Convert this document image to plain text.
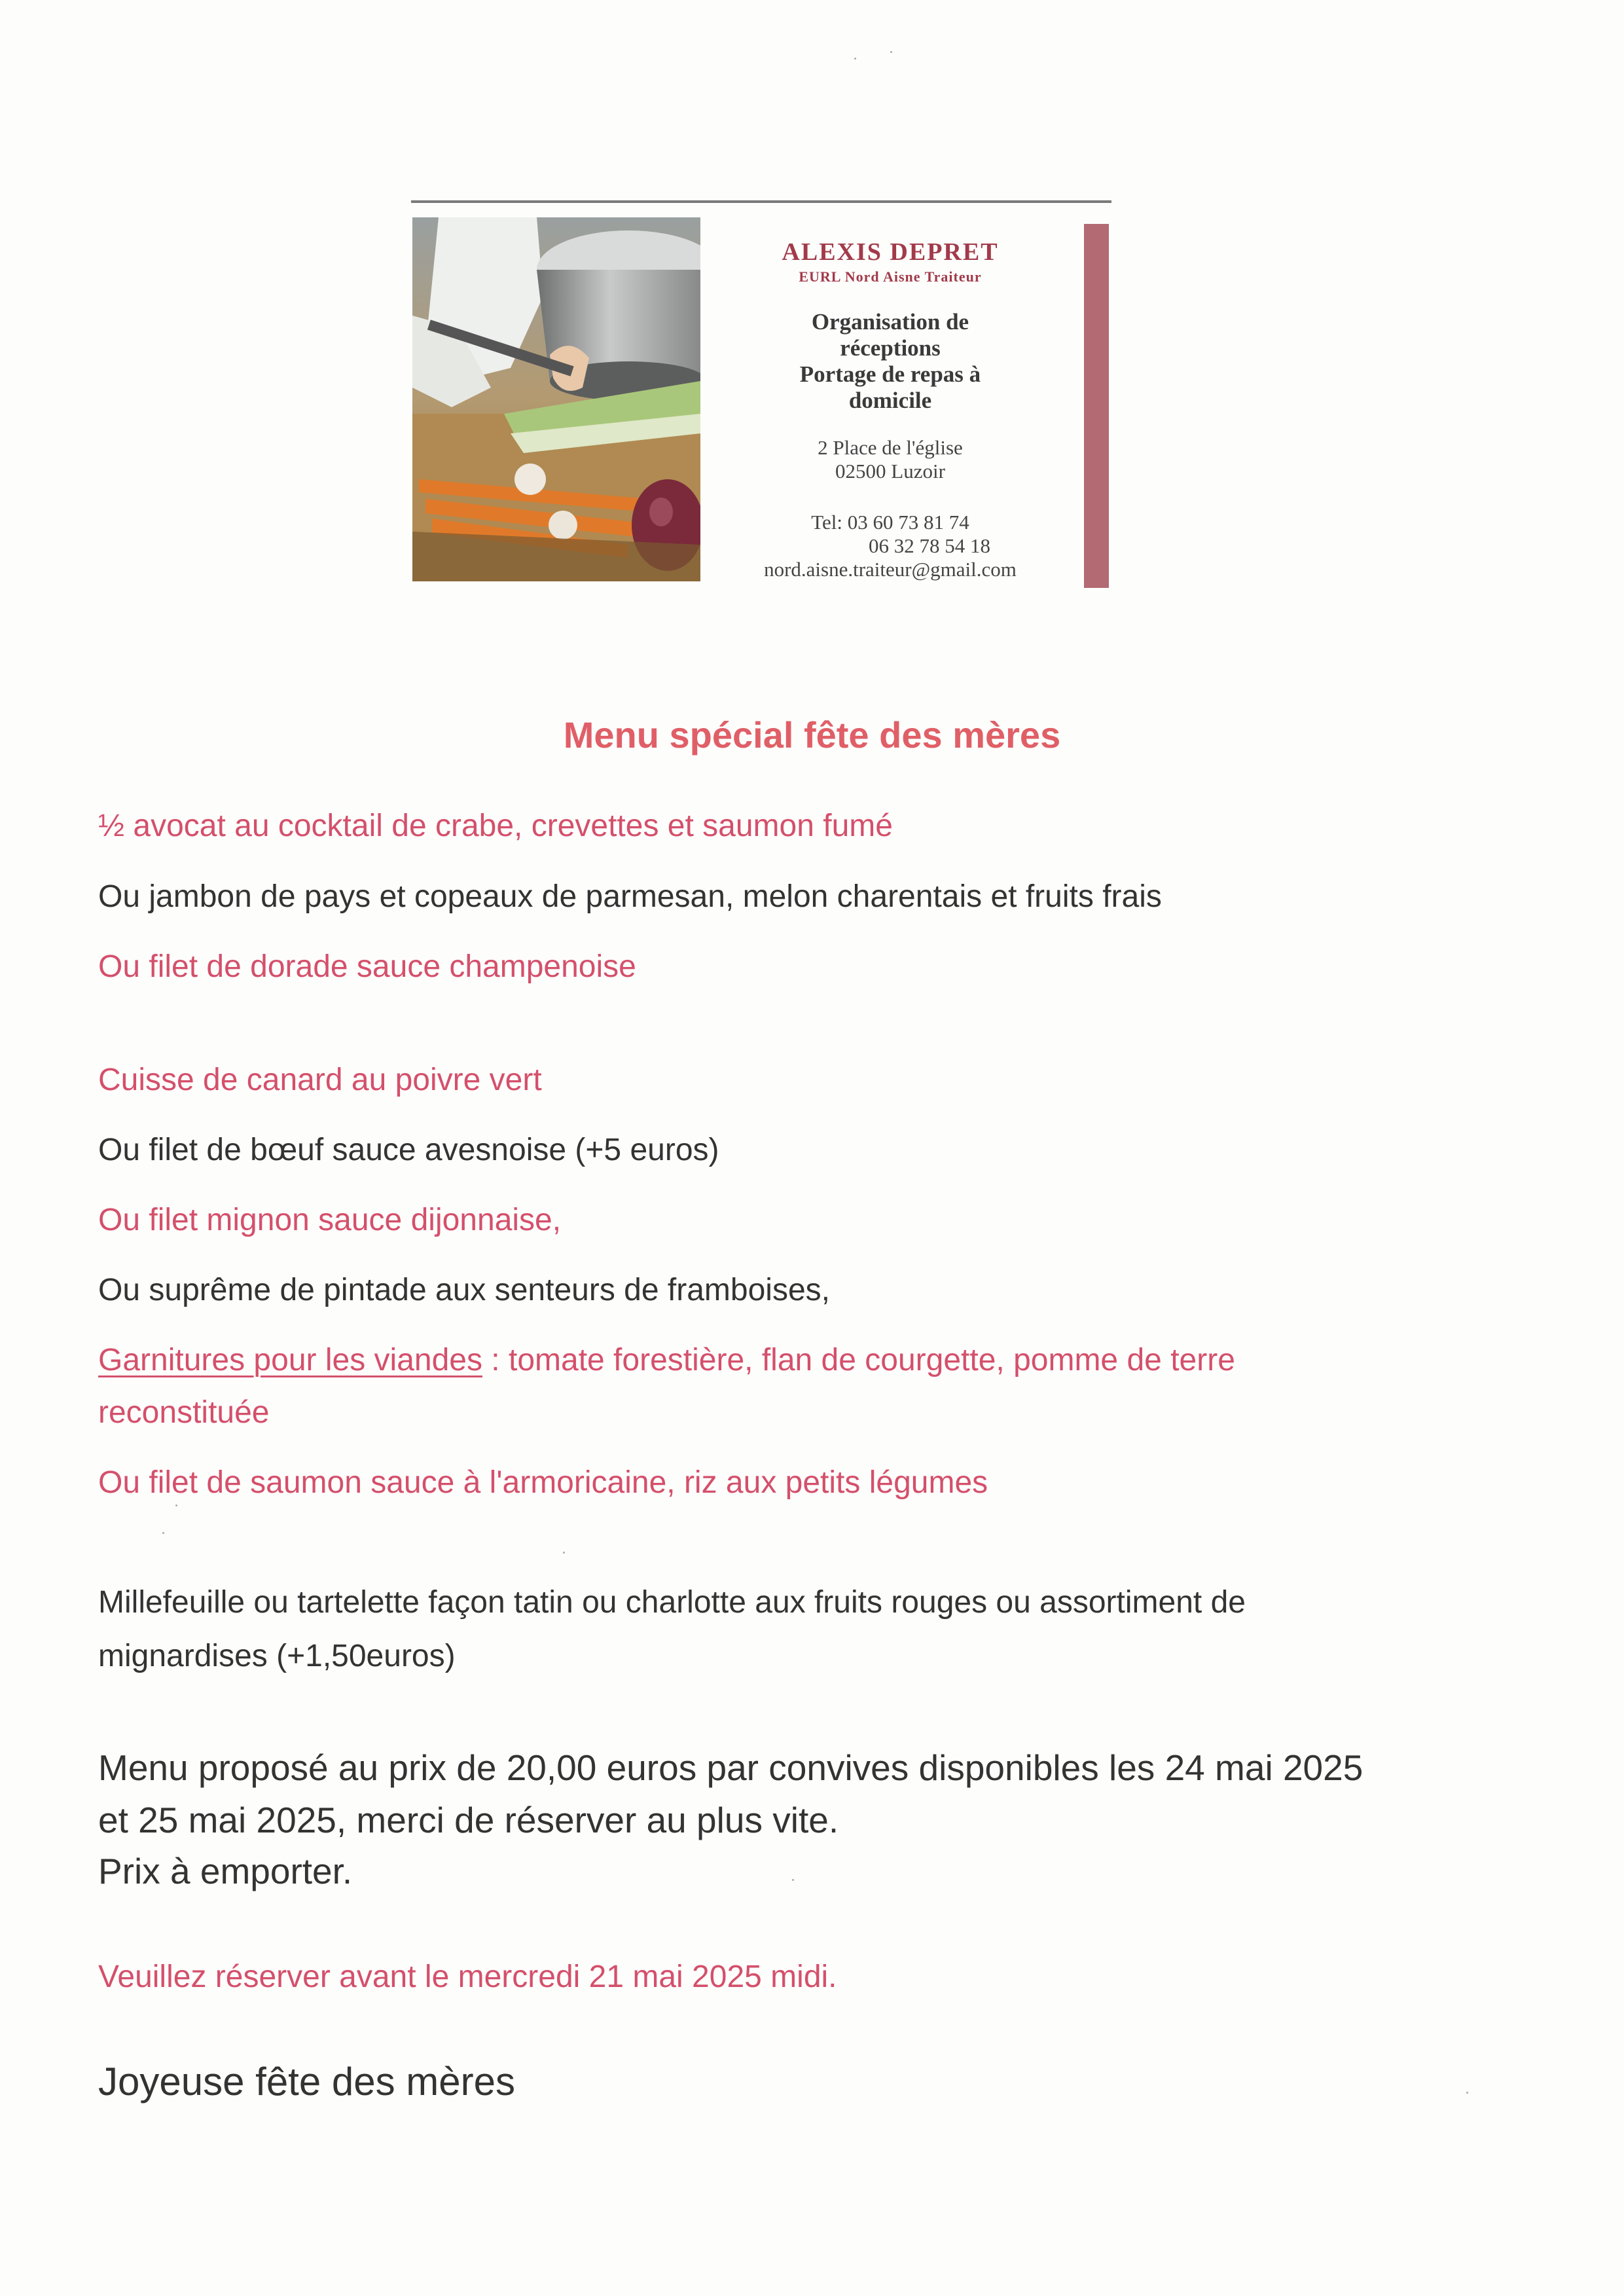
ALEXIS DEPRET
EURL Nord Aisne Traiteur
Organisation de
réceptions
Portage de repas à
domicile
2 Place de l'église
02500 Luzoir
Tel: 03 60 73 81 74
06 32 78 54 18
nord.aisne.traiteur@gmail.com
Menu spécial fête des mères
½ avocat au cocktail de crabe, crevettes et saumon fumé
Ou jambon de pays et copeaux de parmesan, melon charentais et fruits frais
Ou filet de dorade sauce champenoise
Cuisse de canard au poivre vert
Ou filet de bœuf sauce avesnoise (+5 euros)
Ou filet mignon sauce dijonnaise,
Ou suprême de pintade aux senteurs de framboises,
Garnitures pour les viandes : tomate forestière, flan de courgette, pomme de terre
reconstituée
Ou filet de saumon sauce à l'armoricaine, riz aux petits légumes
Millefeuille ou tartelette façon tatin ou charlotte aux fruits rouges ou assortiment de
mignardises (+1,50euros)
Menu proposé au prix de 20,00 euros par convives disponibles les 24 mai 2025
et 25 mai 2025, merci de réserver au plus vite.
Prix à emporter.
Veuillez réserver avant le mercredi 21 mai 2025 midi.
Joyeuse fête des mères
